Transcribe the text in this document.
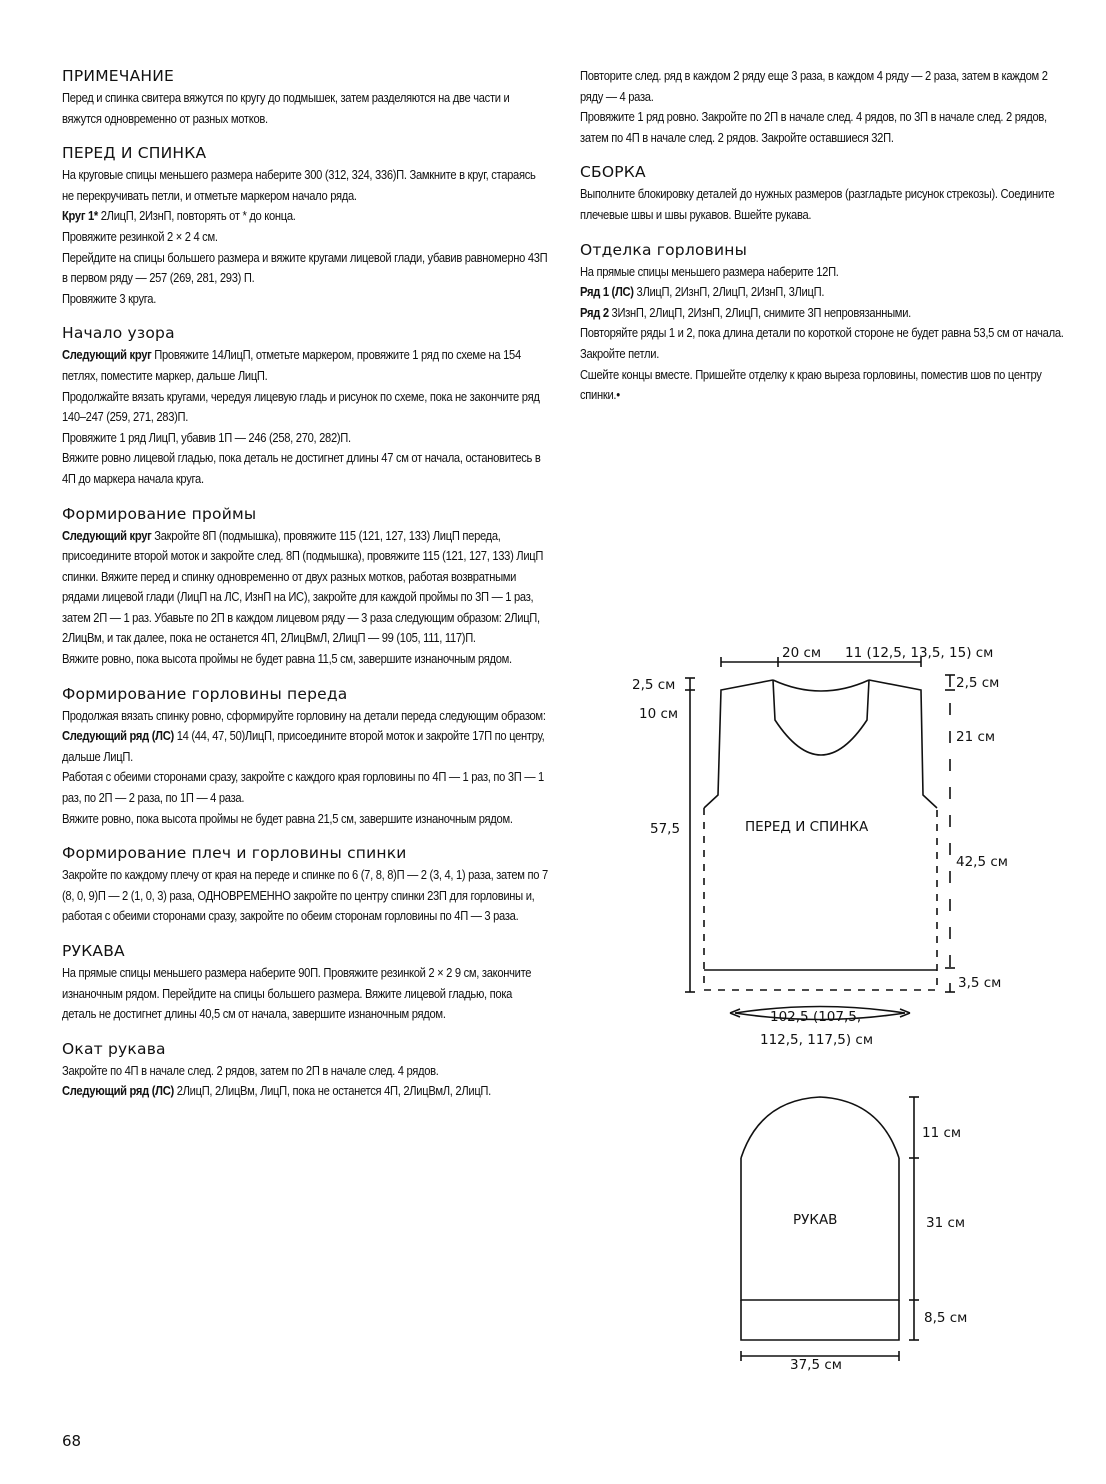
ПРИМЕЧАНИЕ
Перед и спинка свитера вяжутся по кругу до подмышек, затем разделяются на две части и вяжутся одновременно от разных мотков.
ПЕРЕД И СПИНКА
На круговые спицы меньшего размера наберите 300 (312, 324, 336)П. Замкните в круг, стараясь не перекручивать петли, и отметьте маркером начало ряда.
Круг 1* 2ЛицП, 2ИзнП, повторять от * до конца.
Провяжите резинкой 2 × 2 4 см.
Перейдите на спицы большего размера и вяжите кругами лицевой глади, убавив равномерно 43П в первом ряду — 257 (269, 281, 293) П.
Провяжите 3 круга.
Начало узора
Следующий круг Провяжите 14ЛицП, отметьте маркером, провяжите 1 ряд по схеме на 154 петлях, поместите маркер, дальше ЛицП.
Продолжайте вязать кругами, чередуя лицевую гладь и рисунок по схеме, пока не закончите ряд 140–247 (259, 271, 283)П.
Провяжите 1 ряд ЛицП, убавив 1П — 246 (258, 270, 282)П.
Вяжите ровно лицевой гладью, пока деталь не достигнет длины 47 см от начала, остановитесь в 4П до маркера начала круга.
Формирование проймы
Следующий круг Закройте 8П (подмышка), провяжите 115 (121, 127, 133) ЛицП переда, присоедините второй моток и закройте след. 8П (подмышка), провяжите 115 (121, 127, 133) ЛицП спинки. Вяжите перед и спинку одновременно от двух разных мотков, работая возвратными рядами лицевой глади (ЛицП на ЛС, ИзнП на ИС), закройте для каждой проймы по 3П — 1 раз, затем 2П — 1 раз. Убавьте по 2П в каждом лицевом ряду — 3 раза следующим образом: 2ЛицП, 2ЛицВм, и так далее, пока не останется 4П, 2ЛицВмЛ, 2ЛицП — 99 (105, 111, 117)П.
Вяжите ровно, пока высота проймы не будет равна 11,5 см, завершите изнаночным рядом.
Формирование горловины переда
Продолжая вязать спинку ровно, сформируйте горловину на детали переда следующим образом:
Следующий ряд (ЛС) 14 (44, 47, 50)ЛицП, присоедините второй моток и закройте 17П по центру, дальше ЛицП.
Работая с обеими сторонами сразу, закройте с каждого края горловины по 4П — 1 раз, по 3П — 1 раз, по 2П — 2 раза, по 1П — 4 раза.
Вяжите ровно, пока высота проймы не будет равна 21,5 см, завершите изнаночным рядом.
Формирование плеч и горловины спинки
Закройте по каждому плечу от края на переде и спинке по 6 (7, 8, 8)П — 2 (3, 4, 1) раза, затем по 7 (8, 0, 9)П — 2 (1, 0, 3) раза, ОДНОВРЕМЕННО закройте по центру спинки 23П для горловины и, работая с обеими сторонами сразу, закройте по обеим сторонам горловины по 4П — 3 раза.
РУКАВА
На прямые спицы меньшего размера наберите 90П. Провяжите резинкой 2 × 2 9 см, закончите изнаночным рядом. Перейдите на спицы большего размера. Вяжите лицевой гладью, пока деталь не достигнет длины 40,5 см от начала, завершите изнаночным рядом.
Окат рукава
Закройте по 4П в начале след. 2 рядов, затем по 2П в начале след. 4 рядов.
Следующий ряд (ЛС) 2ЛицП, 2ЛицВм, ЛицП, пока не останется 4П, 2ЛицВмЛ, 2ЛицП.
Повторите след. ряд в каждом 2 ряду еще 3 раза, в каждом 4 ряду — 2 раза, затем в каждом 2 ряду — 4 раза.
Провяжите 1 ряд ровно. Закройте по 2П в начале след. 4 рядов, по 3П в начале след. 2 рядов, затем по 4П в начале след. 2 рядов. Закройте оставшиеся 32П.
СБОРКА
Выполните блокировку деталей до нужных размеров (разгладьте рисунок стрекозы). Соедините плечевые швы и швы рукавов. Вшейте рукава.
Отделка горловины
На прямые спицы меньшего размера наберите 12П.
Ряд 1 (ЛС) 3ЛицП, 2ИзнП, 2ЛицП, 2ИзнП, 3ЛицП.
Ряд 2 3ИзнП, 2ЛицП, 2ИзнП, 2ЛицП, снимите 3П непровязанными.
Повторяйте ряды 1 и 2, пока длина детали по короткой стороне не будет равна 53,5 см от начала. Закройте петли.
Сшейте концы вместе. Пришейте отделку к краю выреза горловины, поместив шов по центру спинки.•
20 см 11 (12,5, 13,5, 15) см
2,5 см
10 см
2,5 см
21 см
57,5	ПЕРЕД И СПИНКА
42,5 см
3,5 см
102,5 (107,5,
112,5, 117,5) см
11 см
РУКАВ	31 см
8,5 см
37,5 см
68
